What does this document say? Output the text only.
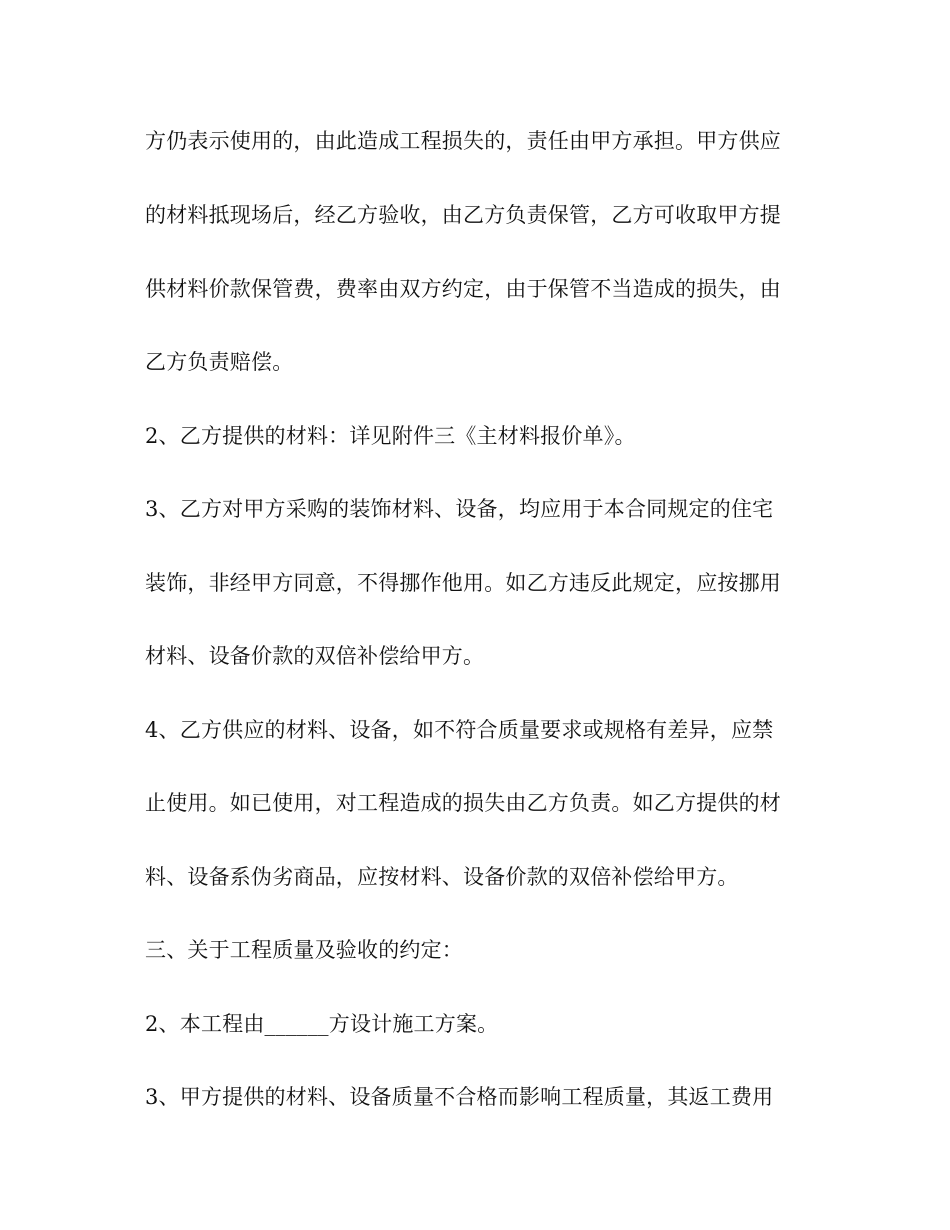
方仍表示使用的，由此造成工程损失的，责任由甲方承担。甲方供应
的材料抵现场后，经乙方验收，由乙方负责保管，乙方可收取甲方提
供材料价款保管费，费率由双方约定，由于保管不当造成的损失，由
乙方负责赔偿。
2、乙方提供的材料：详见附件三《主材料报价单》。
3、乙方对甲方采购的装饰材料、设备，均应用于本合同规定的住宅
装饰，非经甲方同意，不得挪作他用。如乙方违反此规定，应按挪用
材料、设备价款的双倍补偿给甲方。
4、乙方供应的材料、设备，如不符合质量要求或规格有差异，应禁
止使用。如已使用，对工程造成的损失由乙方负责。如乙方提供的材
料、设备系伪劣商品，应按材料、设备价款的双倍补偿给甲方。
三、关于工程质量及验收的约定：
2、本工程由______方设计施工方案。
3、甲方提供的材料、设备质量不合格而影响工程质量，其返工费用
